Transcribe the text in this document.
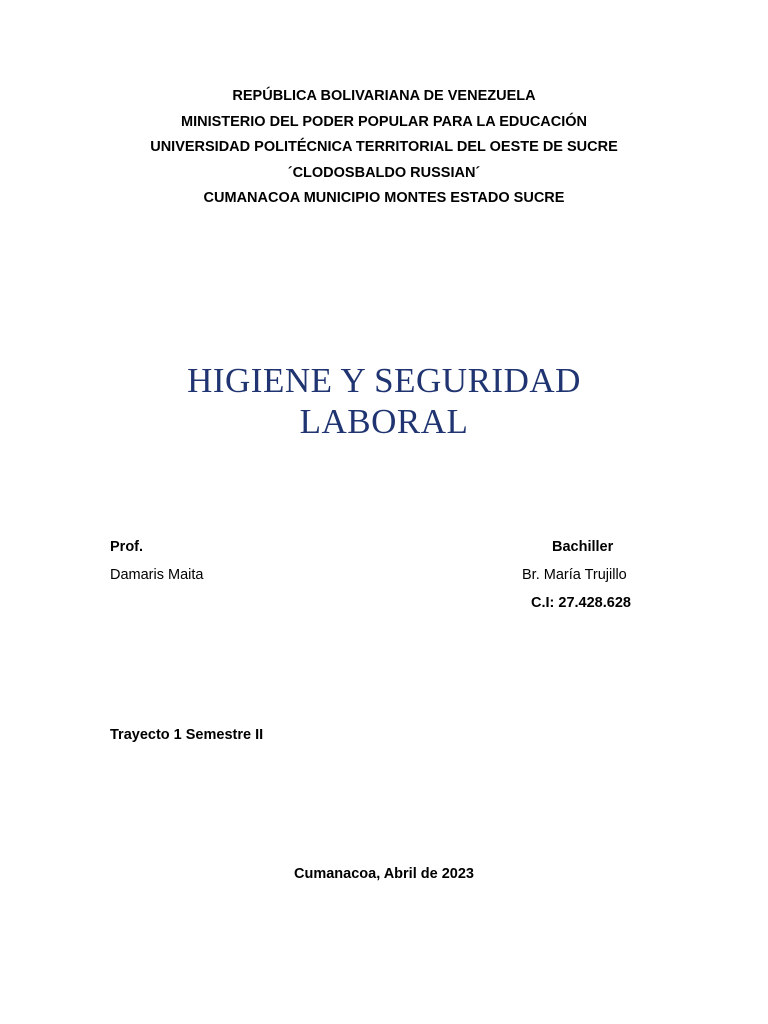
REPÚBLICA BOLIVARIANA DE VENEZUELA
MINISTERIO DEL PODER POPULAR PARA LA EDUCACIÓN
UNIVERSIDAD POLITÉCNICA TERRITORIAL DEL OESTE DE SUCRE
´CLODOSBALDO RUSSIAN´
CUMANACOA MUNICIPIO MONTES ESTADO SUCRE
HIGIENE Y SEGURIDAD
LABORAL
Prof.
Damaris Maita
Bachiller
Br. María Trujillo
C.I: 27.428.628
Trayecto 1 Semestre II
Cumanacoa, Abril de 2023
